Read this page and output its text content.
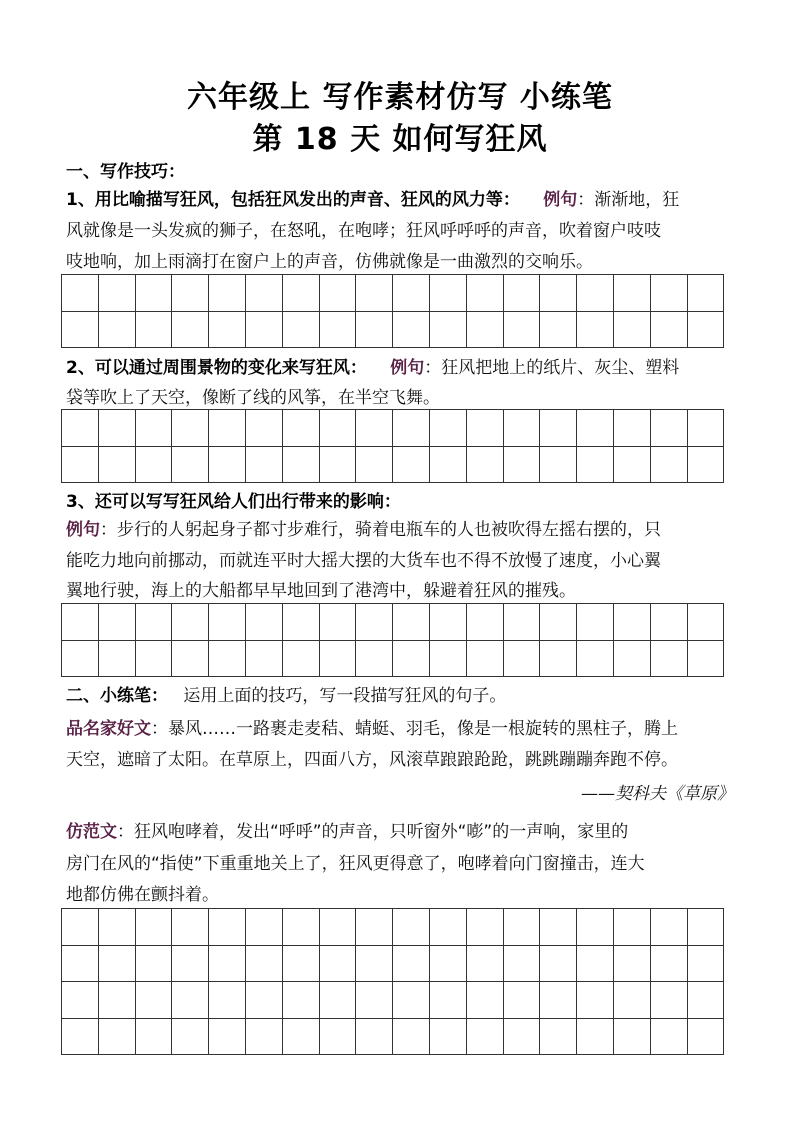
六年级上 写作素材仿写 小练笔
第 18 天 如何写狂风
一、写作技巧：
1、用比喻描写狂风，包括狂风发出的声音、狂风的风力等： 例句：渐渐地，狂
风就像是一头发疯的狮子，在怒吼，在咆哮；狂风呼呼呼的声音，吹着窗户吱吱
吱地响，加上雨滴打在窗户上的声音，仿佛就像是一曲激烈的交响乐。
2、可以通过周围景物的变化来写狂风： 例句：狂风把地上的纸片、灰尘、塑料
袋等吹上了天空，像断了线的风筝，在半空飞舞。
3、还可以写写狂风给人们出行带来的影响：
例句：步行的人躬起身子都寸步难行，骑着电瓶车的人也被吹得左摇右摆的，只
能吃力地向前挪动，而就连平时大摇大摆的大货车也不得不放慢了速度，小心翼
翼地行驶，海上的大船都早早地回到了港湾中，躲避着狂风的摧残。
二、小练笔： 运用上面的技巧，写一段描写狂风的句子。
品名家好文：暴风……一路裹走麦秸、蜻蜓、羽毛，像是一根旋转的黑柱子，腾上
天空，遮暗了太阳。在草原上，四面八方，风滚草踉踉跄跄，跳跳蹦蹦奔跑不停。
——契科夫《草原》
仿范文：狂风咆哮着，发出“呼呼”的声音，只听窗外“嘭”的一声响，家里的
房门在风的“指使”下重重地关上了，狂风更得意了，咆哮着向门窗撞击，连大
地都仿佛在颤抖着。
